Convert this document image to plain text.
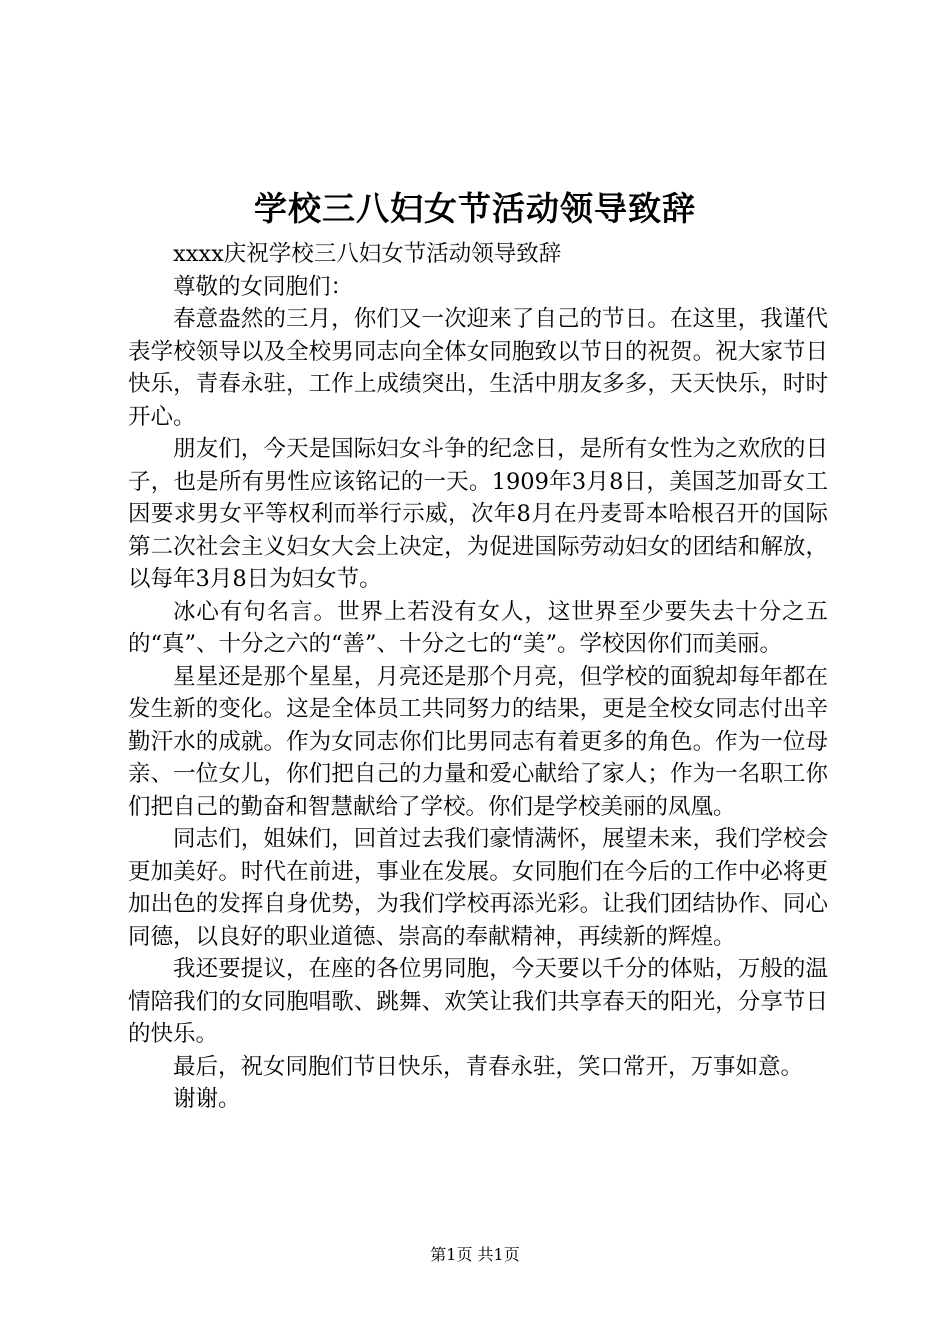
学校三八妇女节活动领导致辞

xxxx庆祝学校三八妇女节活动领导致辞

尊敬的女同胞们：

春意盎然的三月，你们又一次迎来了自己的节日。在这里，我谨代表学校领导以及全校男同志向全体女同胞致以节日的祝贺。祝大家节日快乐，青春永驻，工作上成绩突出，生活中朋友多多，天天快乐，时时开心。

朋友们，今天是国际妇女斗争的纪念日，是所有女性为之欢欣的日子，也是所有男性应该铭记的一天。1909年3月8日，美国芝加哥女工因要求男女平等权利而举行示威，次年8月在丹麦哥本哈根召开的国际第二次社会主义妇女大会上决定，为促进国际劳动妇女的团结和解放，以每年3月8日为妇女节。

冰心有句名言。世界上若没有女人，这世界至少要失去十分之五的“真”、十分之六的“善”、十分之七的“美”。学校因你们而美丽。

星星还是那个星星，月亮还是那个月亮，但学校的面貌却每年都在发生新的变化。这是全体员工共同努力的结果，更是全校女同志付出辛勤汗水的成就。作为女同志你们比男同志有着更多的角色。作为一位母亲、一位女儿，你们把自己的力量和爱心献给了家人；作为一名职工你们把自己的勤奋和智慧献给了学校。你们是学校美丽的凤凰。

同志们，姐妹们，回首过去我们豪情满怀，展望未来，我们学校会更加美好。时代在前进，事业在发展。女同胞们在今后的工作中必将更加出色的发挥自身优势，为我们学校再添光彩。让我们团结协作、同心同德，以良好的职业道德、崇高的奉献精神，再续新的辉煌。

我还要提议，在座的各位男同胞，今天要以千分的体贴，万般的温情陪我们的女同胞唱歌、跳舞、欢笑让我们共享春天的阳光，分享节日的快乐。

最后，祝女同胞们节日快乐，青春永驻，笑口常开，万事如意。

谢谢。

第1页 共1页
